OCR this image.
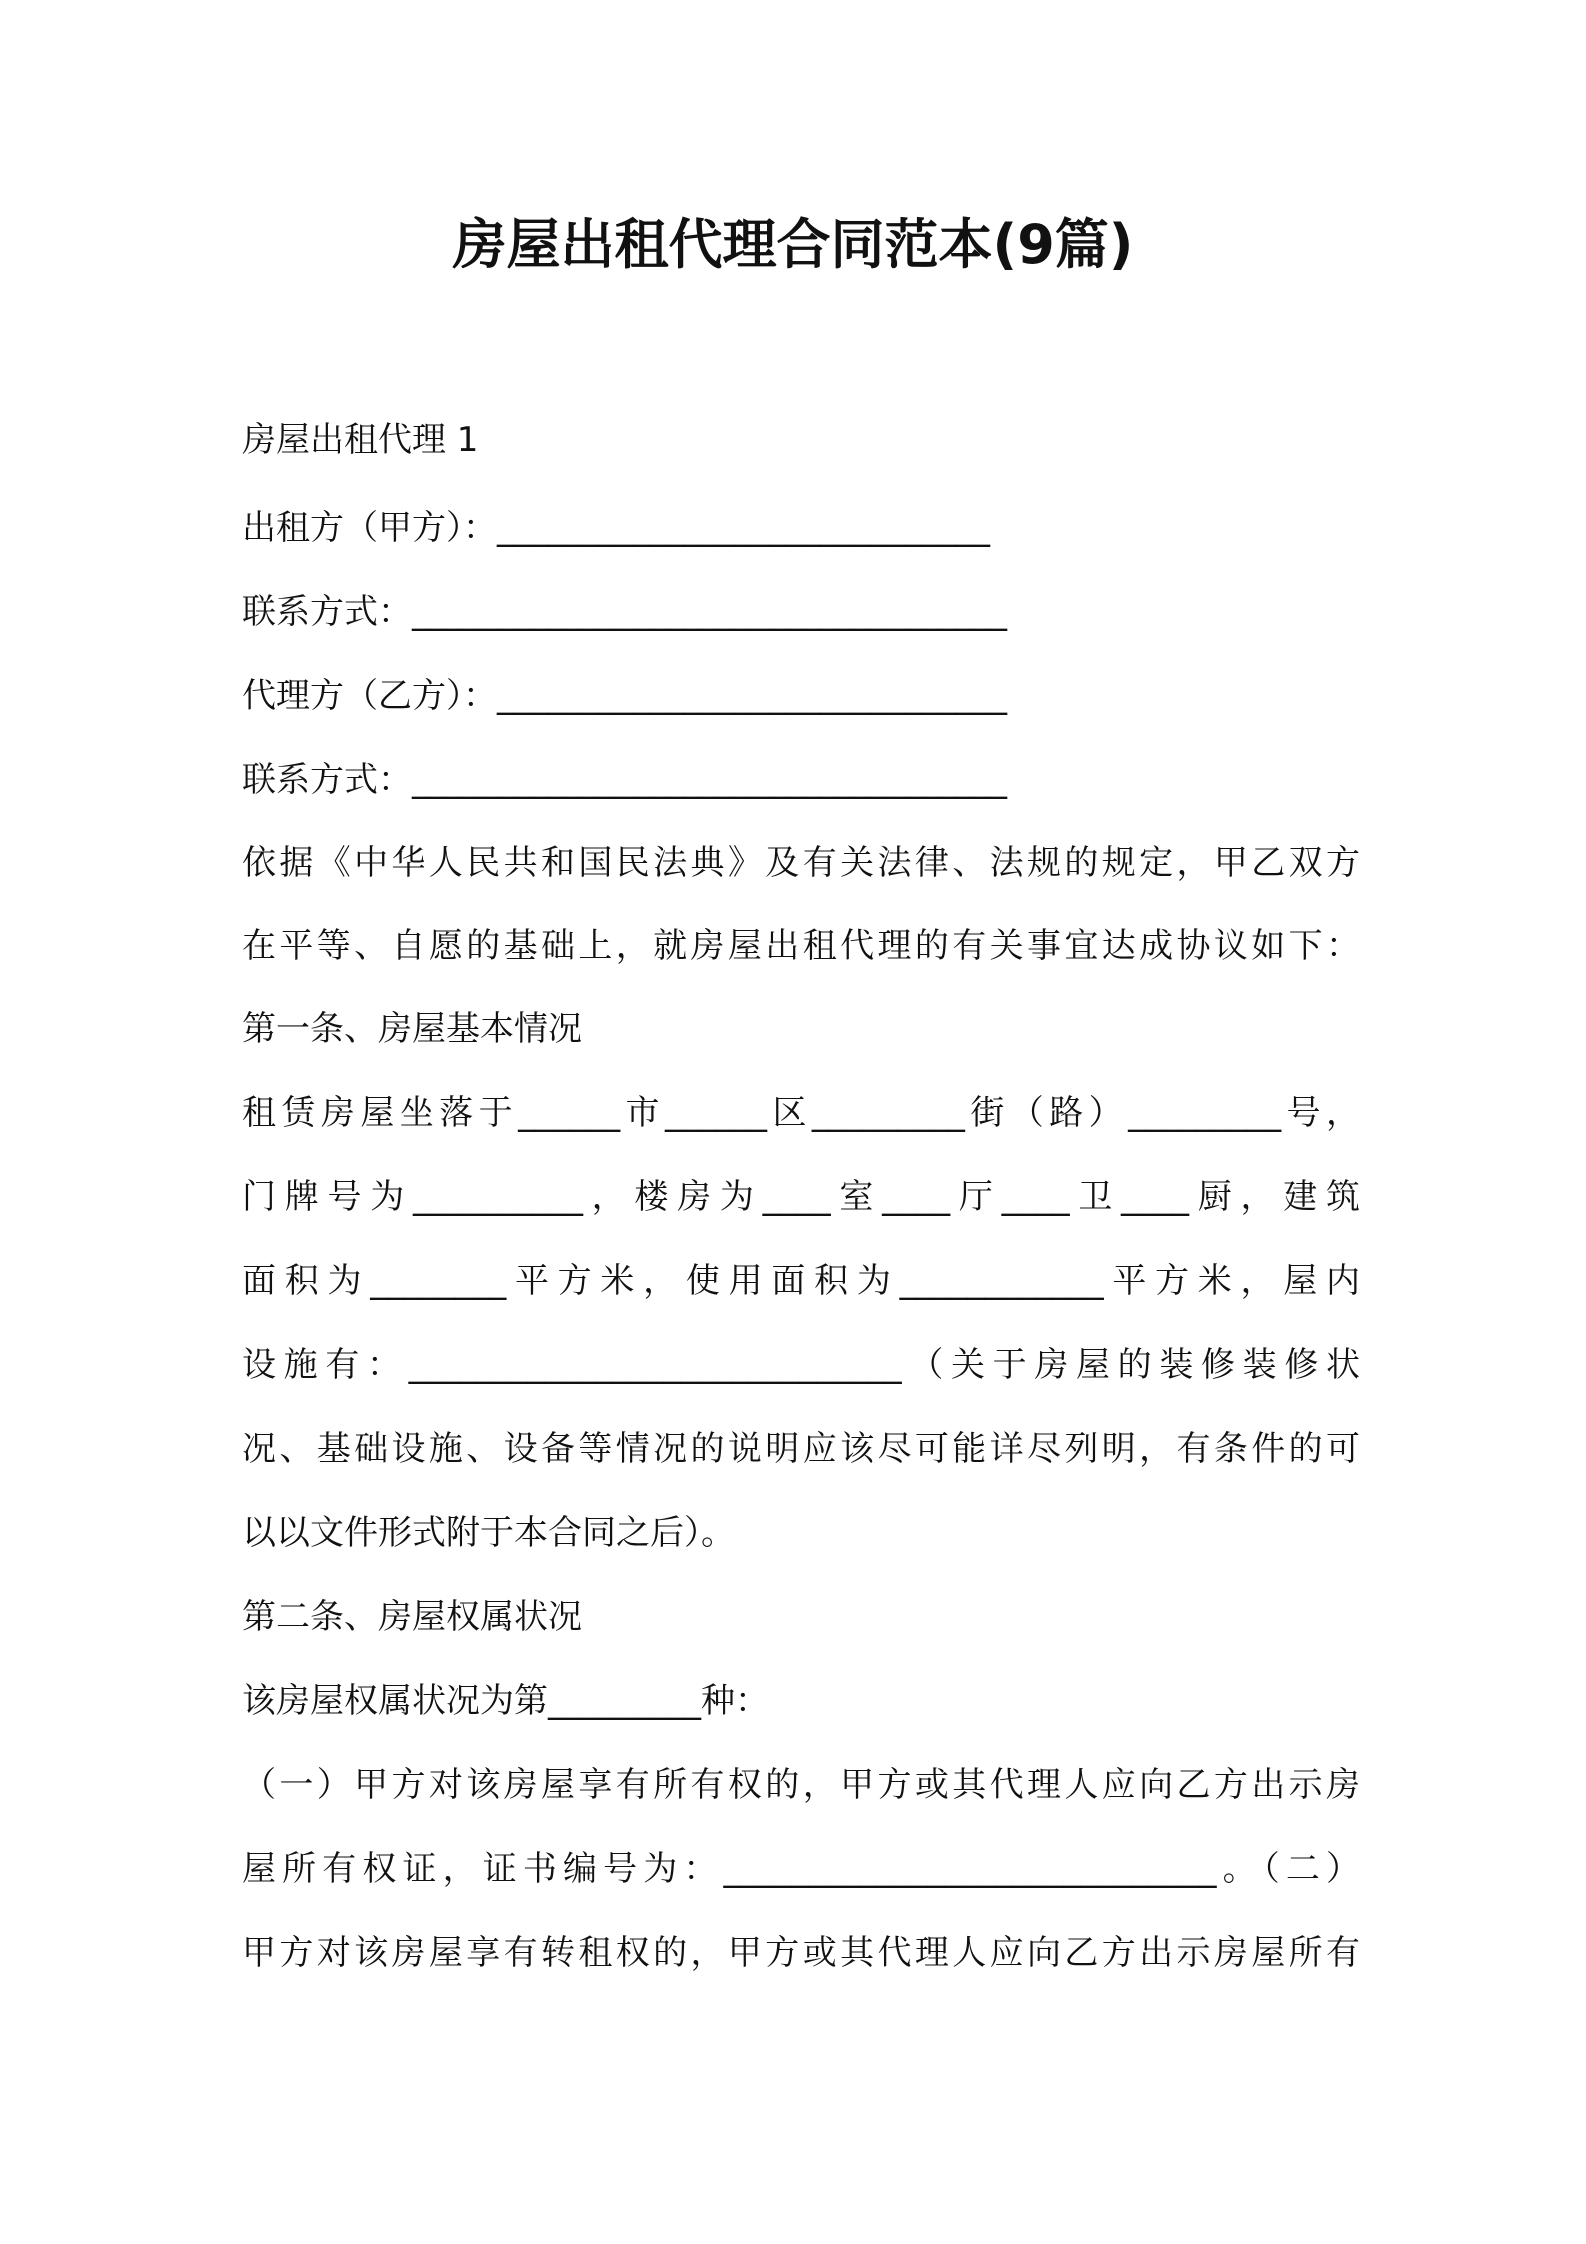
房屋出租代理合同范本(9篇)

房屋出租代理 1

出租方（甲方）：_____________________________

联系方式：___________________________________

代理方（乙方）：______________________________

联系方式：___________________________________

依据《中华人民共和国民法典》及有关法律、法规的规定，甲乙双方

在平等、自愿的基础上，就房屋出租代理的有关事宜达成协议如下：

第一条、房屋基本情况

租赁房屋坐落于______市______区_________街（路）_________号，

门牌号为__________，楼房为____室____厅____卫____厨，建筑

面积为________平方米，使用面积为____________平方米，屋内

设施有：_____________________________（关于房屋的装修装修状

况、基础设施、设备等情况的说明应该尽可能详尽列明，有条件的可

以以文件形式附于本合同之后）。

第二条、房屋权属状况

该房屋权属状况为第_________种：

（一）甲方对该房屋享有所有权的，甲方或其代理人应向乙方出示房

屋所有权证，证书编号为：_____________________________。（二）

甲方对该房屋享有转租权的，甲方或其代理人应向乙方出示房屋所有
